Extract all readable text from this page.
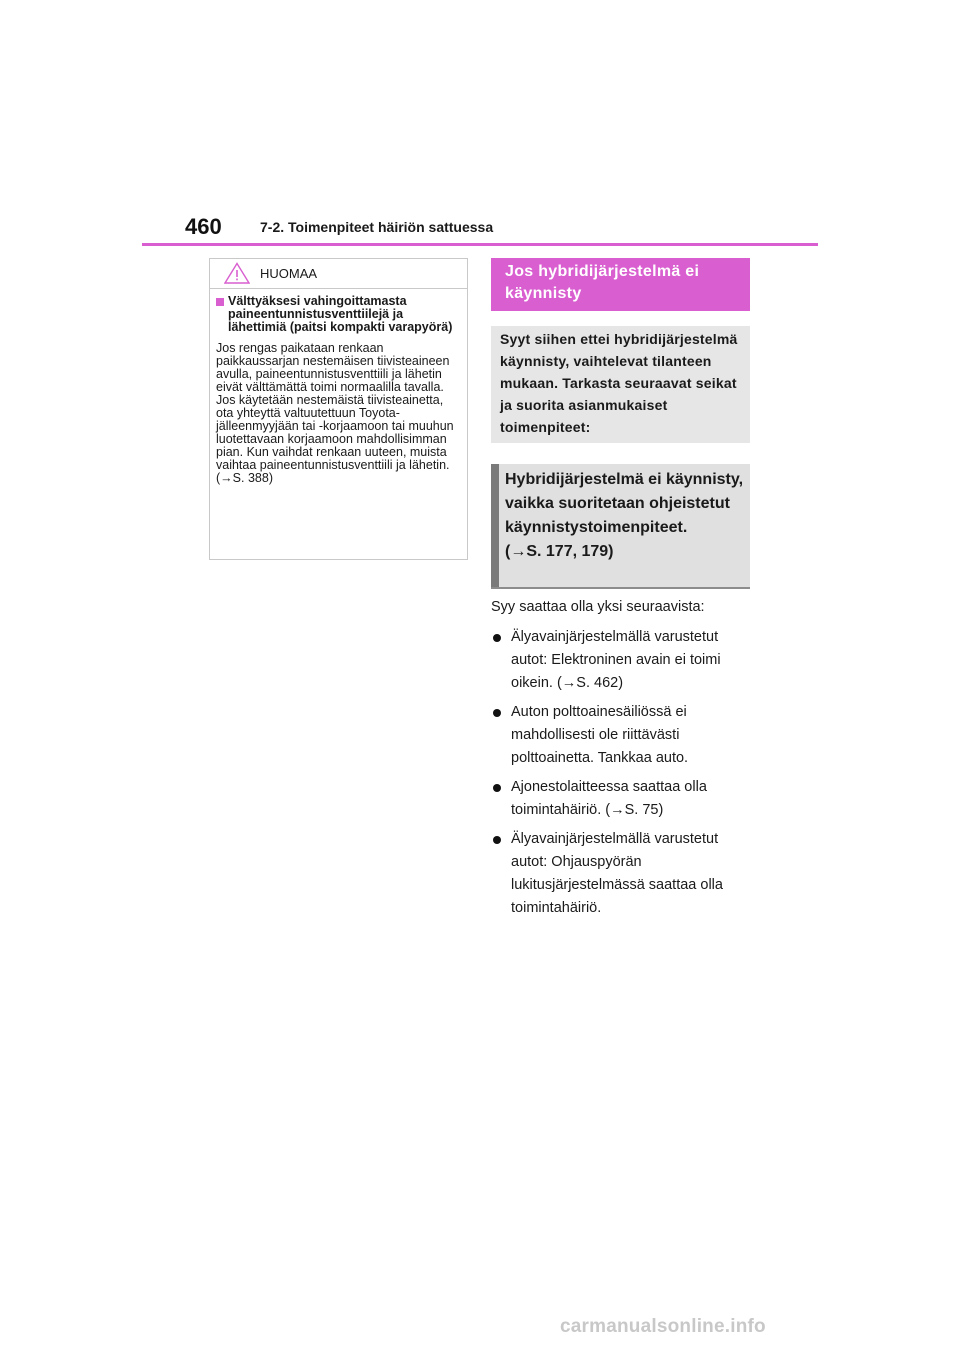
460	7-2. Toimenpiteet häiriön sattuessa
HUOMAA
Välttyäksesi vahingoittamasta paineentunnistusventtiilejä ja lähettimiä (paitsi kompakti varapyörä)
Jos rengas paikataan renkaan paikkaussarjan nestemäisen tiivisteaineen avulla, paineentunnistusventtiili ja lähetin eivät välttämättä toimi normaalilla tavalla. Jos käytetään nestemäistä tiivisteainetta, ota yhteyttä valtuutettuun Toyota-jälleenmyyjään tai -korjaamoon tai muuhun luotettavaan korjaamoon mahdollisimman pian. Kun vaihdat renkaan uuteen, muista vaihtaa paineentunnistusventtiili ja lähetin. (→S. 388)
Jos hybridijärjestelmä ei käynnisty
Syyt siihen ettei hybridijärjestelmä käynnisty, vaihtelevat tilanteen mukaan. Tarkasta seuraavat seikat ja suorita asianmukaiset toimenpiteet:
Hybridijärjestelmä ei käynnisty, vaikka suoritetaan ohjeistetut käynnistystoimenpiteet.
(→S. 177, 179)

Syy saattaa olla yksi seuraavista:

Älyavainjärjestelmällä varustetut autot: Elektroninen avain ei toimi oikein. (→S. 462)
Auton polttoainesäiliössä ei mahdollisesti ole riittävästi polttoainetta. Tankkaa auto.
Ajonestolaitteessa saattaa olla toimintahäiriö. (→S. 75)
Älyavainjärjestelmällä varustetut autot: Ohjauspyörän lukitusjärjestelmässä saattaa olla toimintahäiriö.
carmanualsonline.info
